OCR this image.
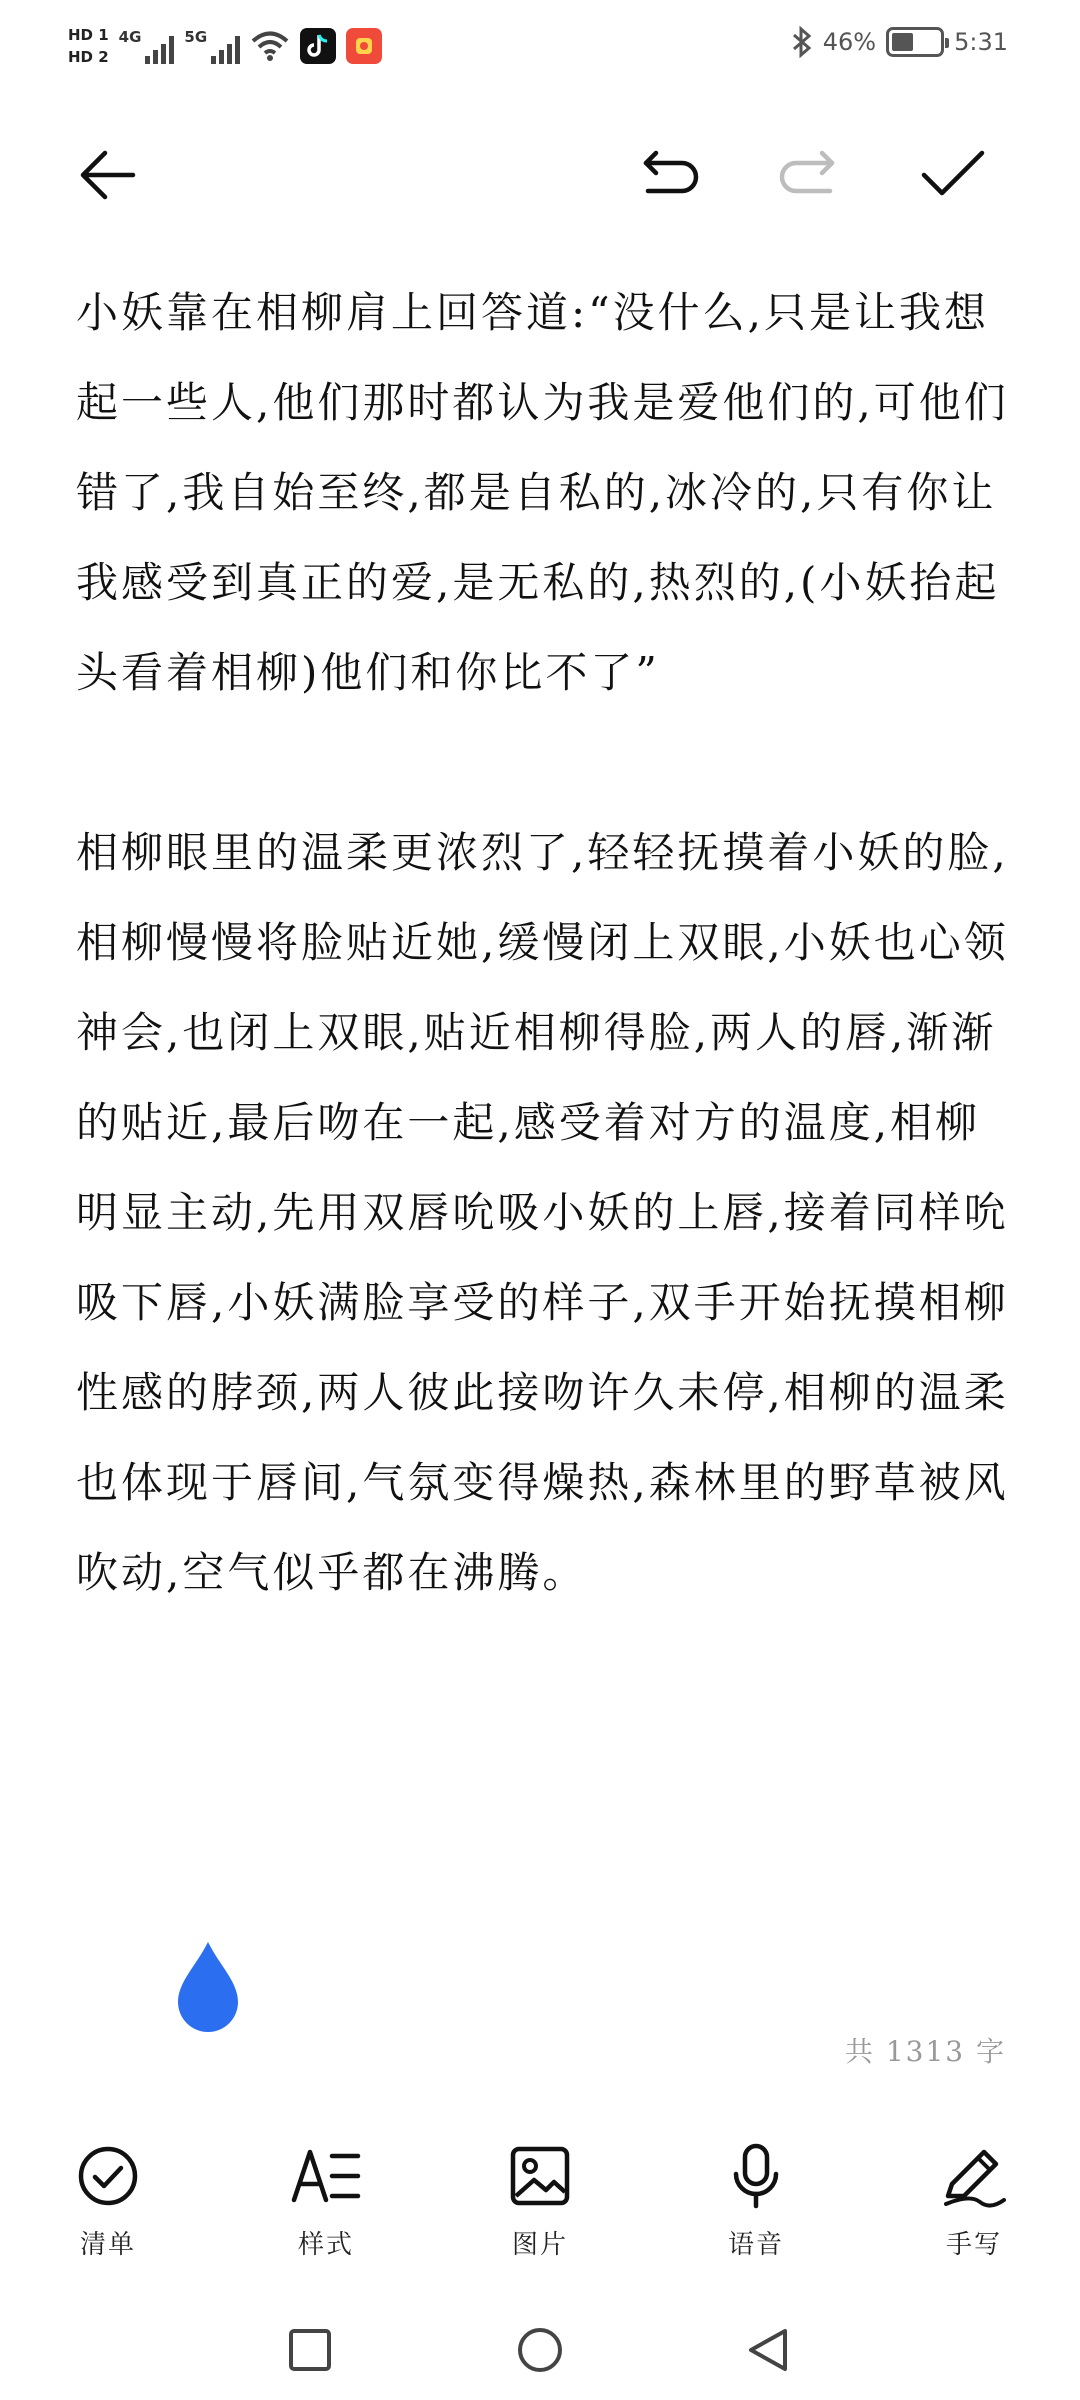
HD 1
HD 2
4G	5G	46%	5:31

小妖靠在相柳肩上回答道:“没什么,只是让我想起一些人,他们那时都认为我是爱他们的,可他们错了,我自始至终,都是自私的,冰冷的,只有你让我感受到真正的爱,是无私的,热烈的,(小妖抬起头看着相柳)他们和你比不了”

相柳眼里的温柔更浓烈了,轻轻抚摸着小妖的脸,相柳慢慢将脸贴近她,缓慢闭上双眼,小妖也心领神会,也闭上双眼,贴近相柳得脸,两人的唇,渐渐的贴近,最后吻在一起,感受着对方的温度,相柳明显主动,先用双唇吮吸小妖的上唇,接着同样吮吸下唇,小妖满脸享受的样子,双手开始抚摸相柳性感的脖颈,两人彼此接吻许久未停,相柳的温柔也体现于唇间,气氛变得燥热,森林里的野草被风吹动,空气似乎都在沸腾。

共 1313 字
清单	样式	图片	语音	手写
